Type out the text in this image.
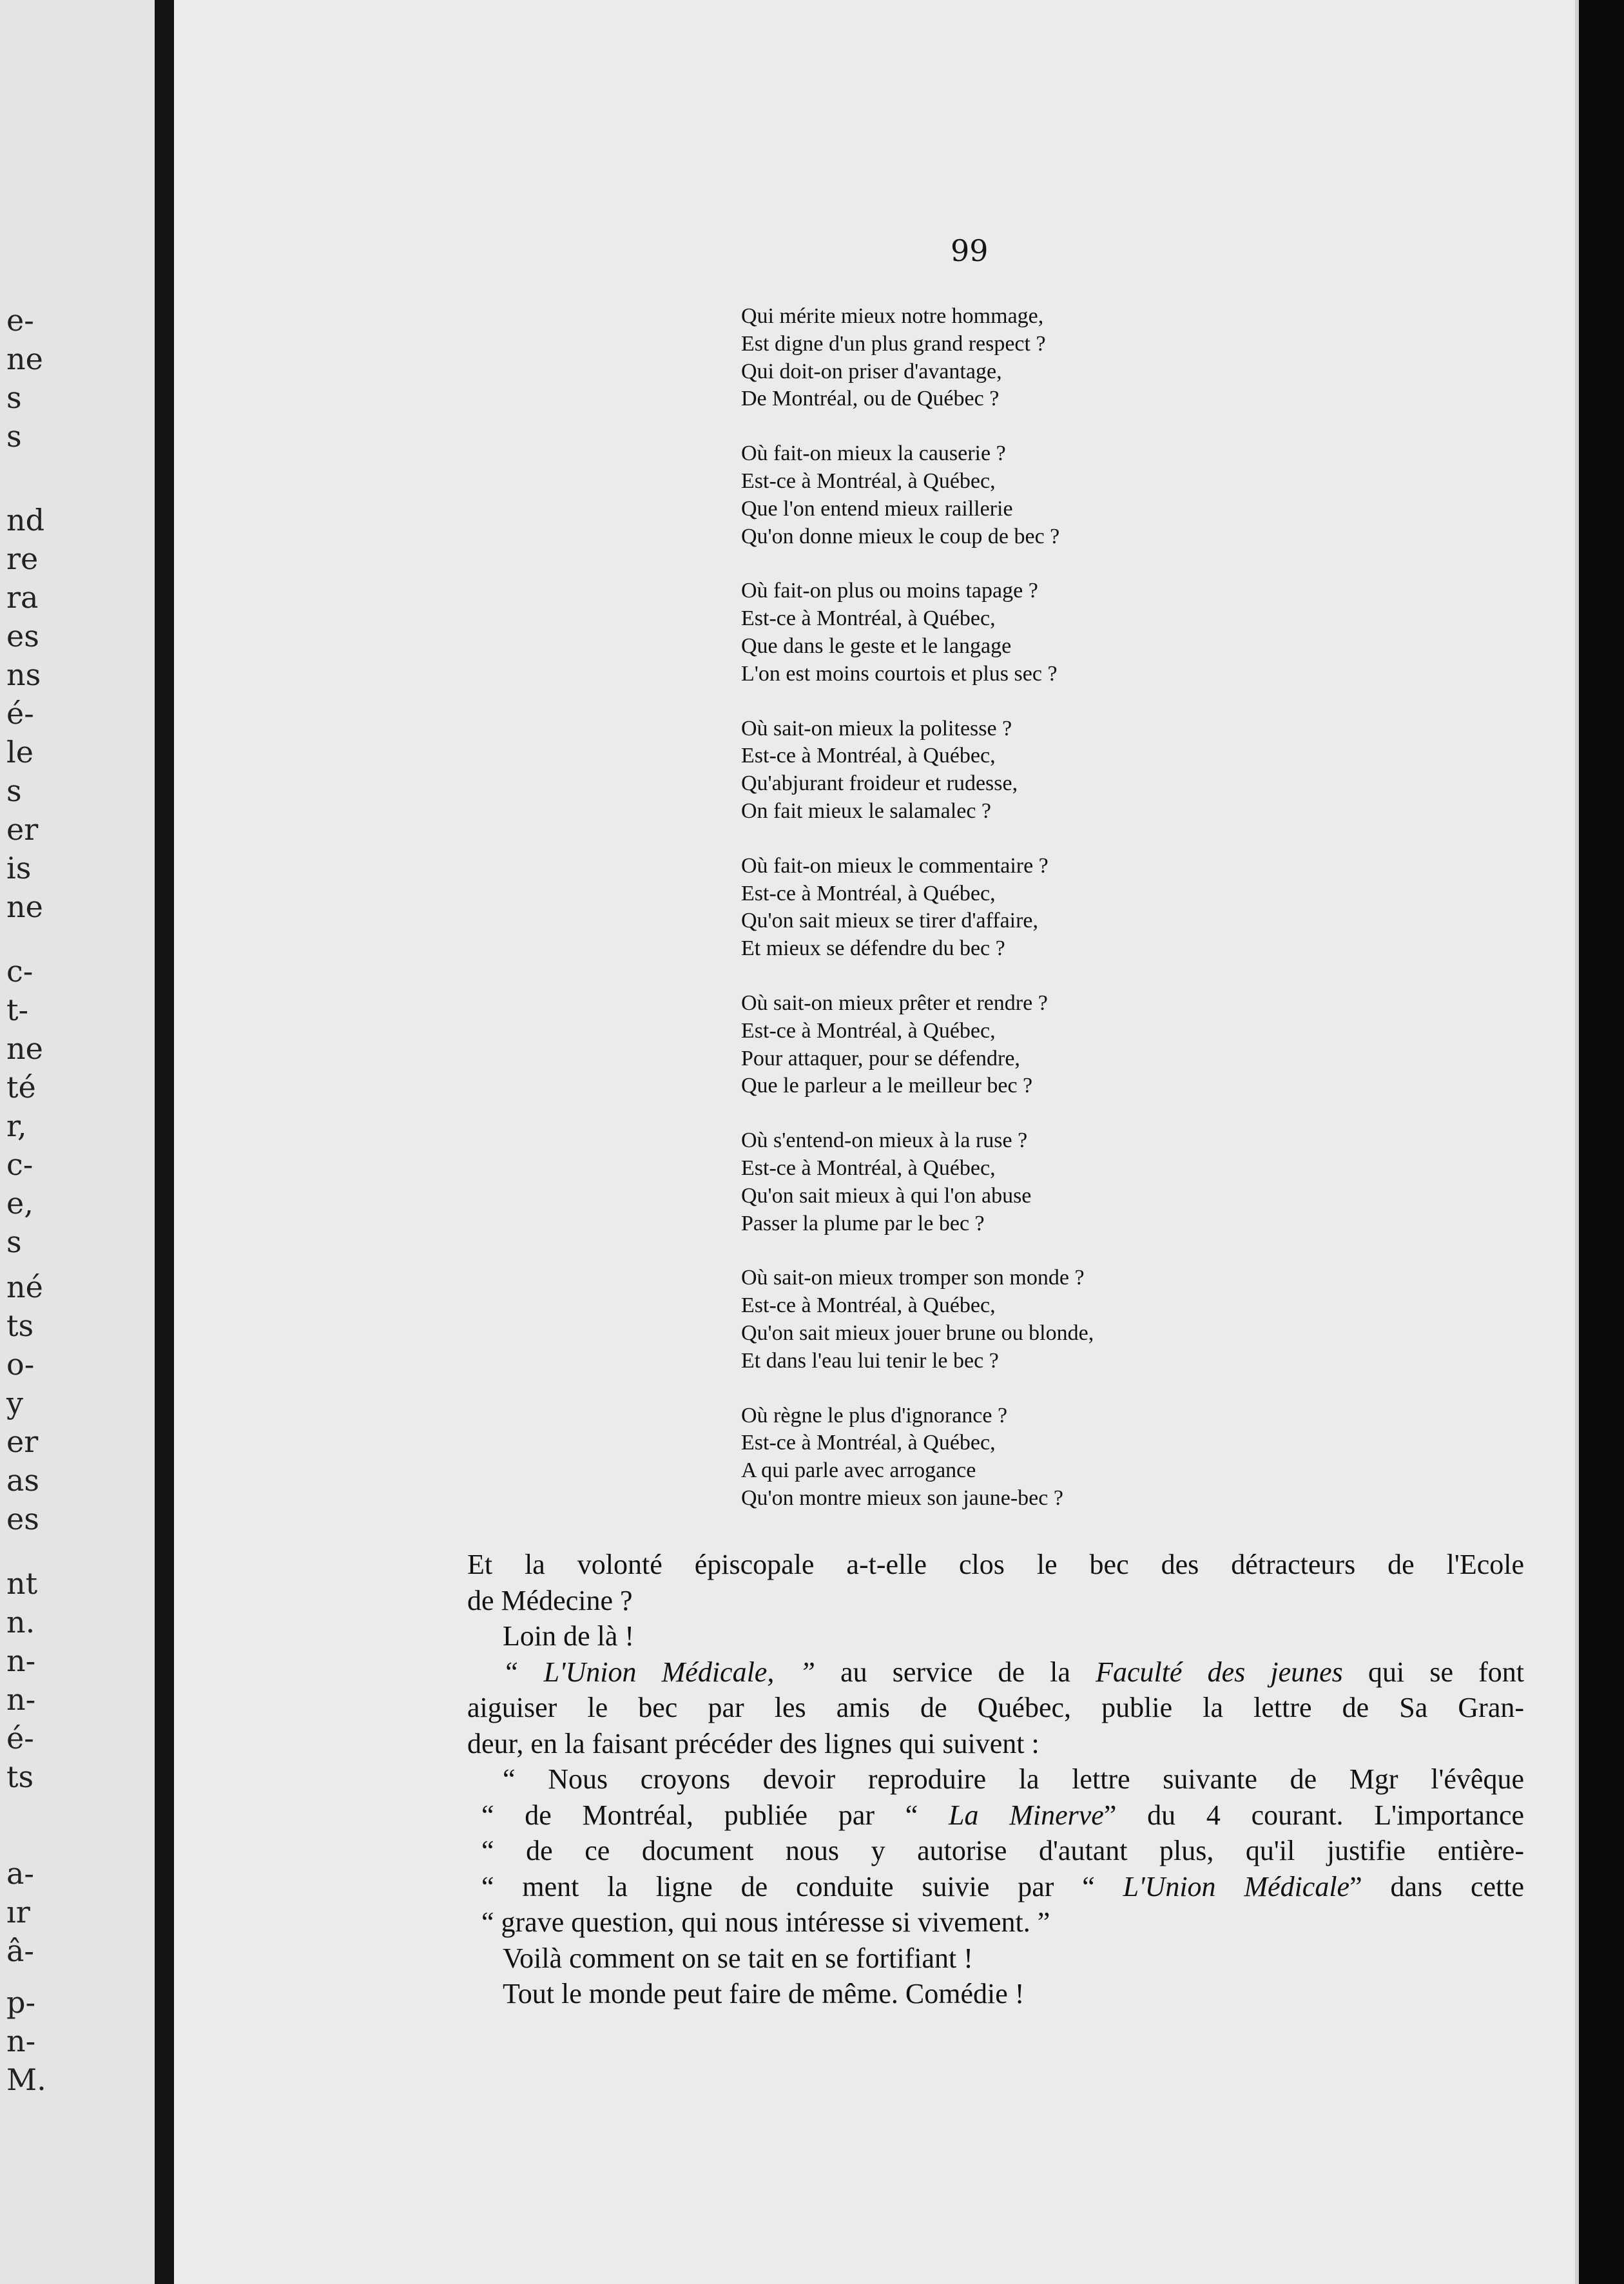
e-
ne
s
s
nd
re
ra
es
ns
é-
le
s
er
is
ne
c-
t-
ne
té
r,
c-
e,
s
né
ts
o-
y
er
as
es
nt
n.
n-
n-
é-
ts
a-
ır
â-
p-
n-
M.
99
Qui mérite mieux notre hommage,
Est digne d'un plus grand respect ?
Qui doit-on priser d'avantage,
De Montréal, ou de Québec ?
Où fait-on mieux la causerie ?
Est-ce à Montréal, à Québec,
Que l'on entend mieux raillerie
Qu'on donne mieux le coup de bec ?
Où fait-on plus ou moins tapage ?
Est-ce à Montréal, à Québec,
Que dans le geste et le langage
L'on est moins courtois et plus sec ?
Où sait-on mieux la politesse ?
Est-ce à Montréal, à Québec,
Qu'abjurant froideur et rudesse,
On fait mieux le salamalec ?
Où fait-on mieux le commentaire ?
Est-ce à Montréal, à Québec,
Qu'on sait mieux se tirer d'affaire,
Et mieux se défendre du bec ?
Où sait-on mieux prêter et rendre ?
Est-ce à Montréal, à Québec,
Pour attaquer, pour se défendre,
Que le parleur a le meilleur bec ?
Où s'entend-on mieux à la ruse ?
Est-ce à Montréal, à Québec,
Qu'on sait mieux à qui l'on abuse
Passer la plume par le bec ?
Où sait-on mieux tromper son monde ?
Est-ce à Montréal, à Québec,
Qu'on sait mieux jouer brune ou blonde,
Et dans l'eau lui tenir le bec ?
Où règne le plus d'ignorance ?
Est-ce à Montréal, à Québec,
A qui parle avec arrogance
Qu'on montre mieux son jaune-bec ?
Et la volonté épiscopale a-t-elle clos le bec des détracteurs de l'Ecole
de Médecine ?
Loin de là !
“ L'Union Médicale, ” au service de la Faculté des jeunes qui se font
aiguiser le bec par les amis de Québec, publie la lettre de Sa Gran-
deur, en la faisant précéder des lignes qui suivent :
“ Nous croyons devoir reproduire la lettre suivante de Mgr l'évêque
“ de Montréal, publiée par “ La Minerve” du 4 courant. L'importance
“ de ce document nous y autorise d'autant plus, qu'il justifie entière-
“ ment la ligne de conduite suivie par “ L'Union Médicale” dans cette
“ grave question, qui nous intéresse si vivement. ”
Voilà comment on se tait en se fortifiant !
Tout le monde peut faire de même. Comédie !
